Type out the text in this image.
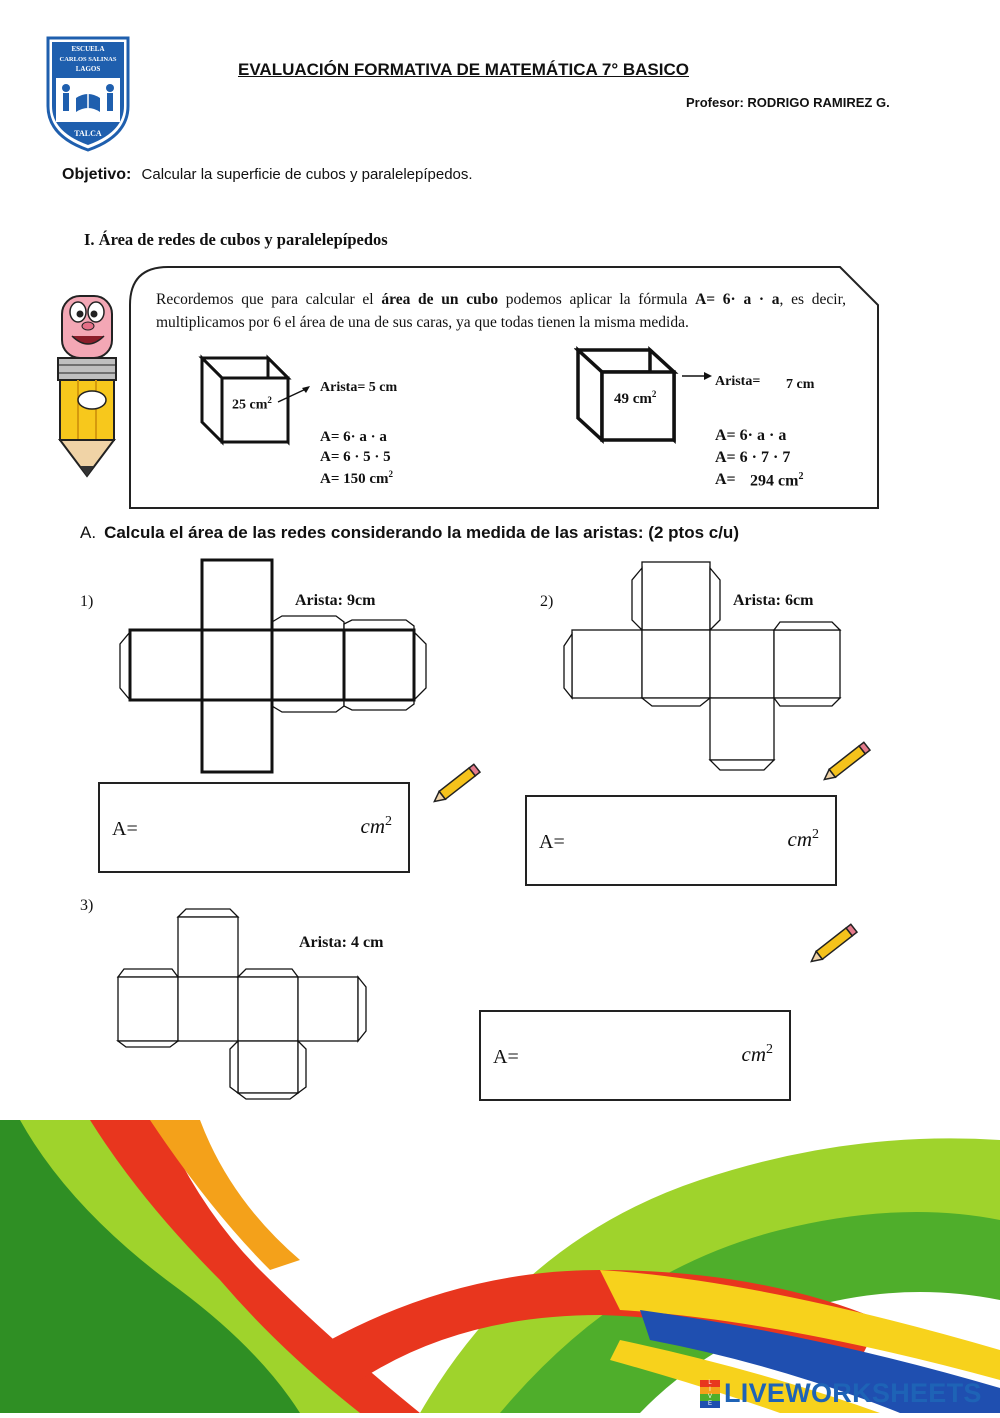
ESCUELA
CARLOS SALINAS
LAGOS
TALCA
EVALUACIÓN FORMATIVA DE MATEMÁTICA 7° BASICO
Profesor: RODRIGO RAMIREZ G.
Objetivo: Calcular la superficie de cubos y paralelepípedos.
I. Área de redes de cubos y paralelepípedos
Recordemos que para calcular el área de un cubo podemos aplicar la fórmula A= 6· a · a, es decir, multiplicamos por 6 el área de una de sus caras, ya que todas tienen la misma medida.
25 $cm^2$
Arista= 5 cm
A= 6· a · a
A= 6 · 5 · 5
A= 150 $cm^2$
49 $cm^2$
Arista= 7 cm
A= 6· a · a
A= 6 · 7 · 7
A= 294 $cm^2$
A. Calcula el área de las redes considerando la medida de las aristas: (2 ptos c/u)
1)	Arista: 9cm
A=	$cm^2$
2)	Arista: 6cm
A=	$cm^2$
3)
Arista: 4 cm
A=	$cm^2$
L
I
V
E LIVEWORKSHEETS
